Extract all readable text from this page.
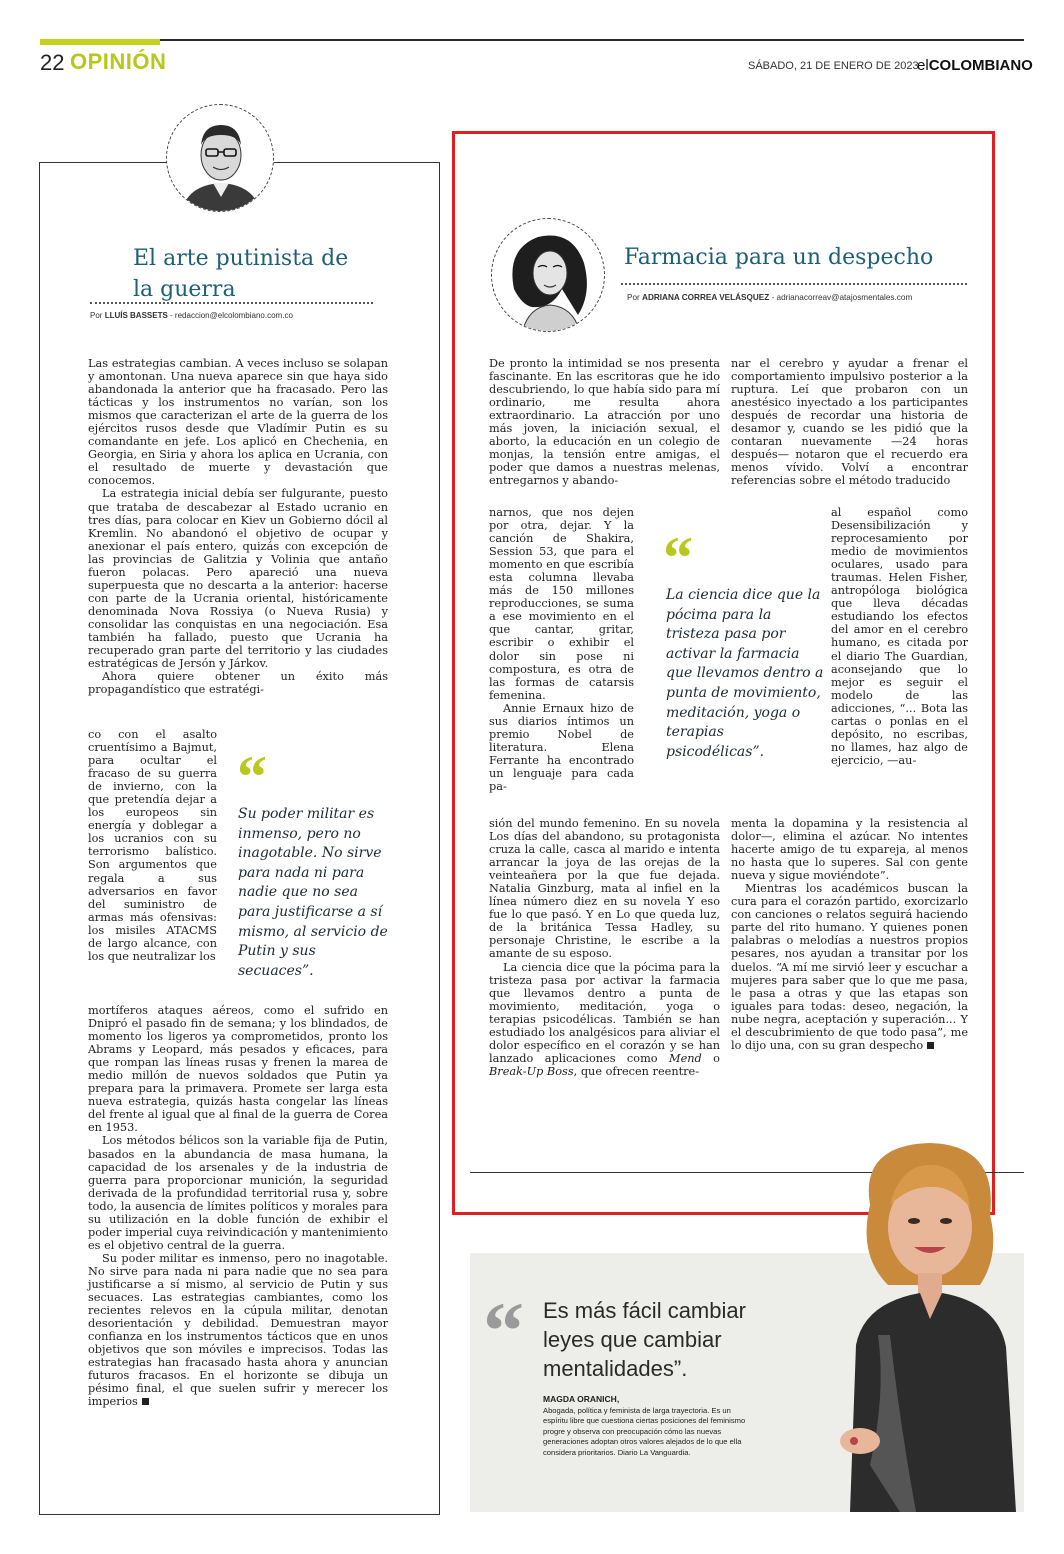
22 OPINIÓN	SÁBADO, 21 DE ENERO DE 2023
elCOLOMBIANO
El arte putinista de la guerra
Por LLUÍS BASSETS - redaccion@elcolombiano.com.co

Las estrategias cambian. A veces incluso se solapan y amontonan. Una nueva aparece sin que haya sido abandonada la anterior que ha fracasado. Pero las tácticas y los instrumentos no varían, son los mismos que caracterizan el arte de la guerra de los ejércitos rusos desde que Vladímir Putin es su comandante en jefe. Los aplicó en Chechenia, en Georgia, en Siria y ahora los aplica en Ucrania, con el resultado de muerte y devastación que conocemos.

La estrategia inicial debía ser fulgurante, puesto que trataba de descabezar al Estado ucranio en tres días, para colocar en Kiev un Gobierno dócil al Kremlin. No abandonó el objetivo de ocupar y anexionar el país entero, quizás con excepción de las provincias de Galitzia y Volinia que antaño fueron polacas. Pero apareció una nueva superpuesta que no descarta a la anterior: hacerse con parte de la Ucrania oriental, históricamente denominada Nova Rossiya (o Nueva Rusia) y consolidar las conquistas en una negociación. Esa también ha fallado, puesto que Ucrania ha recuperado gran parte del territorio y las ciudades estratégicas de Jersón y Járkov.

Ahora quiere obtener un éxito más propagandístico que estratégi-

co con el asalto cruentísimo a Bajmut, para ocultar el fracaso de su guerra de invierno, con la que pretendía dejar a los europeos sin energía y doblegar a los ucranios con su terrorismo balístico. Son argumentos que regala a sus adversarios en favor del suministro de armas más ofensivas: los misiles ATACMS de largo alcance, con los que neutralizar los

mortíferos ataques aéreos, como el sufrido en Dnipró el pasado fin de semana; y los blindados, de momento los ligeros ya comprometidos, pronto los Abrams y Leopard, más pesados y eficaces, para que rompan las líneas rusas y frenen la marea de medio millón de nuevos soldados que Putin ya prepara para la primavera. Promete ser larga esta nueva estrategia, quizás hasta congelar las líneas del frente al igual que al final de la guerra de Corea en 1953.

Los métodos bélicos son la variable fija de Putin, basados en la abundancia de masa humana, la capacidad de los arsenales y de la industria de guerra para proporcionar munición, la seguridad derivada de la profundidad territorial rusa y, sobre todo, la ausencia de límites políticos y morales para su utilización en la doble función de exhibir el poder imperial cuya reivindicación y mantenimiento es el objetivo central de la guerra.

Su poder militar es inmenso, pero no inagotable. No sirve para nada ni para nadie que no sea para justificarse a sí mismo, al servicio de Putin y sus secuaces. Las estrategias cambiantes, como los recientes relevos en la cúpula militar, denotan desorientación y debilidad. Demuestran mayor confianza en los instrumentos tácticos que en unos objetivos que son móviles e imprecisos. Todas las estrategias han fracasado hasta ahora y anuncian futuros fracasos. En el horizonte se dibuja un pésimo final, el que suelen sufrir y merecer los imperios

“
Su poder militar es inmenso, pero no inagotable. No sirve para nada ni para nadie que no sea para justificarse a sí mismo, al servicio de Putin y sus secuaces”.
Farmacia para un despecho
Por ADRIANA CORREA VELÁSQUEZ - adrianacorreav@atajosmentales.com

De pronto la intimidad se nos presenta fascinante. En las escritoras que he ido descubriendo, lo que había sido para mí ordinario, me resulta ahora extraordinario. La atracción por uno más joven, la iniciación sexual, el aborto, la educación en un colegio de monjas, la tensión entre amigas, el poder que damos a nuestras melenas, entregarnos y abando-

narnos, que nos dejen por otra, dejar. Y la canción de Shakira, Session 53, que para el momento en que escribía esta columna llevaba más de 150 millones reproducciones, se suma a ese movimiento en el que cantar, gritar, escribir o exhibir el dolor sin pose ni compostura, es otra de las formas de catarsis femenina.

Annie Ernaux hizo de sus diarios íntimos un premio Nobel de literatura. Elena Ferrante ha encontrado un lenguaje para cada pa-

sión del mundo femenino. En su novela Los días del abandono, su protagonista cruza la calle, casca al marido e intenta arrancar la joya de las orejas de la veinteañera por la que fue dejada. Natalia Ginzburg, mata al infiel en la línea número diez en su novela Y eso fue lo que pasó. Y en Lo que queda luz, de la británica Tessa Hadley, su personaje Christine, le escribe a la amante de su esposo.

La ciencia dice que la pócima para la tristeza pasa por activar la farmacia que llevamos dentro a punta de movimiento, meditación, yoga o terapias psicodélicas. También se han estudiado los analgésicos para aliviar el dolor específico en el corazón y se han lanzado aplicaciones como Mend o Break-Up Boss, que ofrecen reentre-

nar el cerebro y ayudar a frenar el comportamiento impulsivo posterior a la ruptura. Leí que probaron con un anestésico inyectado a los participantes después de recordar una historia de desamor y, cuando se les pidió que la contaran nuevamente —24 horas después— notaron que el recuerdo era menos vívido. Volví a encontrar referencias sobre el método traducido

al español como Desensibilización y reprocesamiento por medio de movimientos oculares, usado para traumas. Helen Fisher, antropóloga biológica que lleva décadas estudiando los efectos del amor en el cerebro humano, es citada por el diario The Guardian, aconsejando que lo mejor es seguir el modelo de las adicciones, “... Bota las cartas o ponlas en el depósito, no escribas, no llames, haz algo de ejercicio, —au-

menta la dopamina y la resistencia al dolor—, elimina el azúcar. No intentes hacerte amigo de tu expareja, al menos no hasta que lo superes. Sal con gente nueva y sigue moviéndote”.

Mientras los académicos buscan la cura para el corazón partido, exorcizarlo con canciones o relatos seguirá haciendo parte del rito humano. Y quienes ponen palabras o melodías a nuestros propios pesares, nos ayudan a transitar por los duelos. “A mí me sirvió leer y escuchar a mujeres para saber que lo que me pasa, le pasa a otras y que las etapas son iguales para todas: deseo, negación, la nube negra, aceptación y superación... Y el descubrimiento de que todo pasa”, me lo dijo una, con su gran despecho

“
La ciencia dice que la pócima para la tristeza pasa por activar la farmacia que llevamos dentro a punta de movimiento, meditación, yoga o terapias psicodélicas”.
“ Es más fácil cambiar leyes que cambiar mentalidades”.
MAGDA ORANICH,
Abogada, política y feminista de larga trayectoria. Es un espíritu libre que cuestiona ciertas posiciones del feminismo progre y observa con preocupación cómo las nuevas generaciones adoptan otros valores alejados de lo que ella considera prioritarios. Diario La Vanguardia.
